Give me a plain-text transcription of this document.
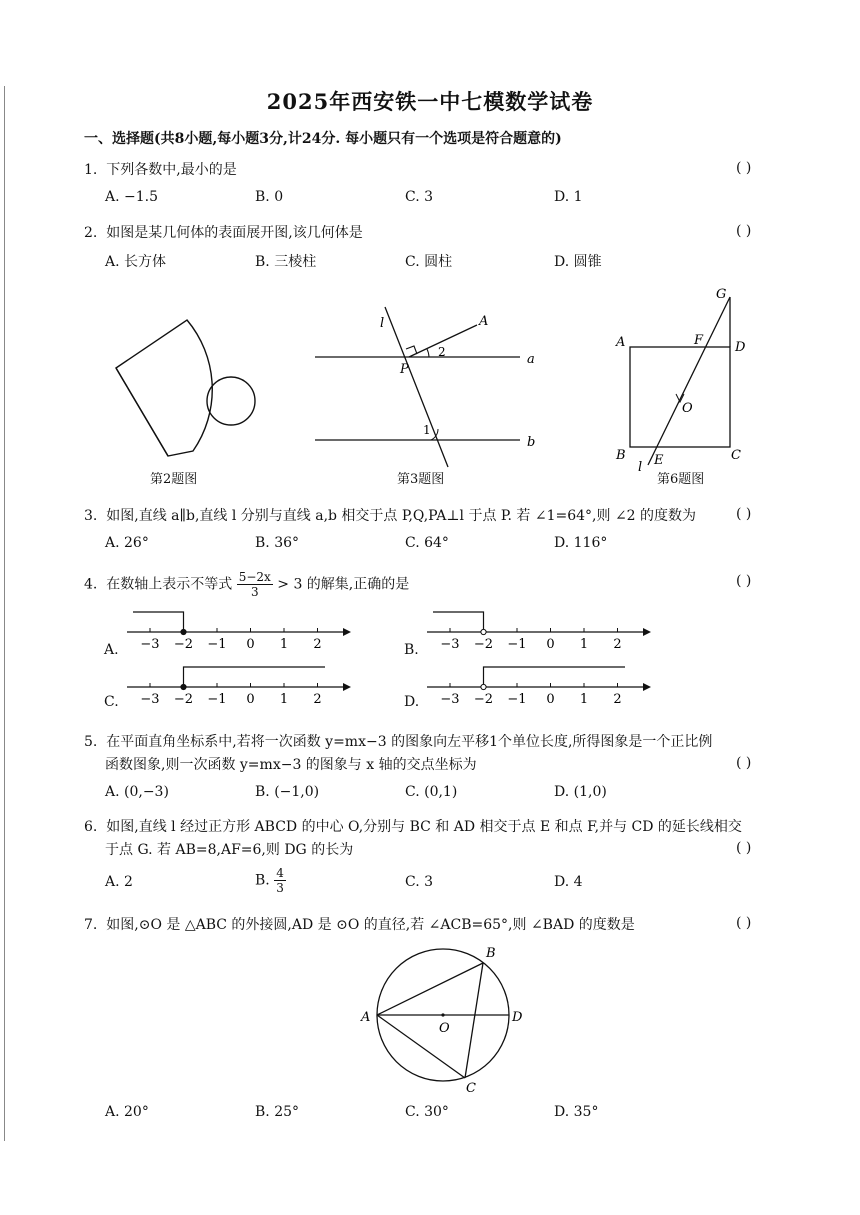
2025年西安铁一中七模数学试卷
一、选择题(共8小题,每小题3分,计24分. 每小题只有一个选项是符合题意的)
1. 下列各数中,最小的是	( )
A. −1.5	B. 0	C. 3	D. 1
2. 如图是某几何体的表面展开图,该几何体是	( )
A. 长方体	B. 三棱柱	C. 圆柱	D. 圆锥
第2题图
l	A
a
b
P
1
2
第3题图
G
A	F D
O
B
l E	C
第6题图
3. 如图,直线 a∥b,直线 l 分别与直线 a,b 相交于点 P,Q,PA⊥l 于点 P. 若 ∠1=64°,则 ∠2 的度数为	( )
A. 26°	B. 36°	C. 64°	D. 116°
4. 在数轴上表示不等式 $\frac{5-2x}{3} > 3$ 的解集,正确的是	( )
A. −3 −2 −1 0 1 2	B. −3 −2 −1 0 1 2
C. −3 −2 −1 0 1 2	D. −3 −2 −1 0 1 2
5. 在平面直角坐标系中,若将一次函数 y=mx−3 的图象向左平移1个单位长度,所得图象是一个正比例
函数图象,则一次函数 y=mx−3 的图象与 x 轴的交点坐标为	( )
A. (0,−3)	B. (−1,0)	C. (0,1)	D. (1,0)
6. 如图,直线 l 经过正方形 ABCD 的中心 O,分别与 BC 和 AD 相交于点 E 和点 F,并与 CD 的延长线相交
于点 G. 若 AB=8,AF=6,则 DG 的长为	( )
A. 2	B. $\frac{4}{3}$	C. 3	D. 4
7. 如图,⊙O 是 △ABC 的外接圆,AD 是 ⊙O 的直径,若 ∠ACB=65°,则 ∠BAD 的度数是	( )
A
B
O
D
C
A. 20°	B. 25°	C. 30°	D. 35°
